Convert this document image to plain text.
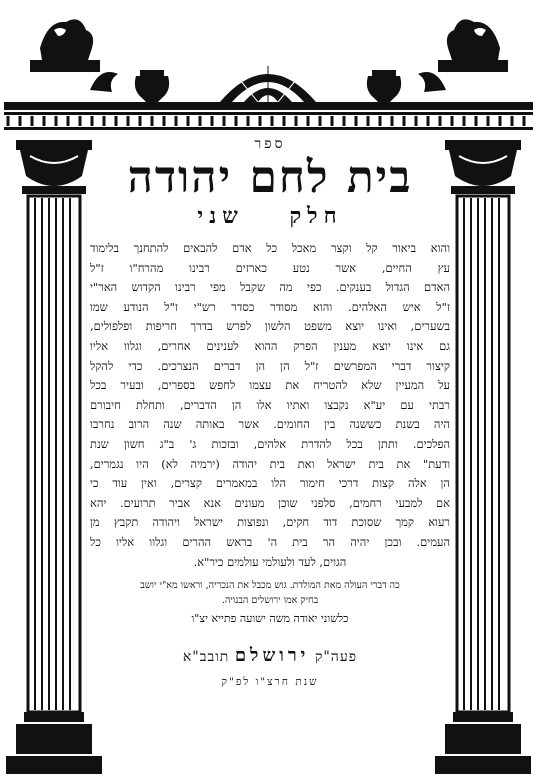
ספר
בית לחם יהודה
חלק שני
והוא ביאור קל וקצר מאכל כל אדם להבאים להתחנך בלימוד
עץ החיים, אשר נטע כארזים רבינו מהרח"ו ז"ל
האדם הגדול בענקים. כפי מה שקבל מפי רבינו הקדוש האר"י
ז"ל איש האלהים. והוא מסודר כסדר רש"י ז"ל הנודע שמו
בשערים, ואינו יוצא משפט הלשון לפרש בדרך חריפות ופלפולים,
גם אינו יוצא מענין הפרק ההוא לענינים אחרים, וגלוו אליו
קיצור דברי המפרשים ז"ל הן הן דברים הנצרכים. כדי להקל
על המעיין שלא להטריח את עצמו לחפש בספרים, ובעיר בכל
רבתי עם יע"א נקבצו ואתיו אלו הן הדברים, ותחלת חיבורם
היה בשנת כששנה בין החומים. אשר באותה שנה הרוב נחרבו
הפלכים. ותתן בכל להדרת אלהים, ובזכות ג' ב"ג חשון שנת
ודעת" את בית ישראל ואת בית יהודה (ירמיה לא) היו נגמרים,
הן אלה קצות דרכי חימור הלו במאמרים קצרים, ואין עוד כי
אם למבעי רחמים, סלפני שוכן מעונים אנא אביר תרועים. יהא
רעוא קמך שסוכת דוד חקים, ונפוצות ישראל ויהודה תקבץ מן
העמים. ובכן יהיה הר בית ה' בראש ההרים וגלוו אליו כל
הגוים, לעד ולעולמי עולמים כיר"א.
כה דברי העולה מאת המולדת. גוש מכבל את הנכריה, וראשו מא"י יושב
בחיק אמו ירושלים הבנויה.
כלשוני יאודה משה ישועה פתייא יצ"ו
פעה"ק ירושלם תובב"א
שנת חרצ"ו לפ"ק
